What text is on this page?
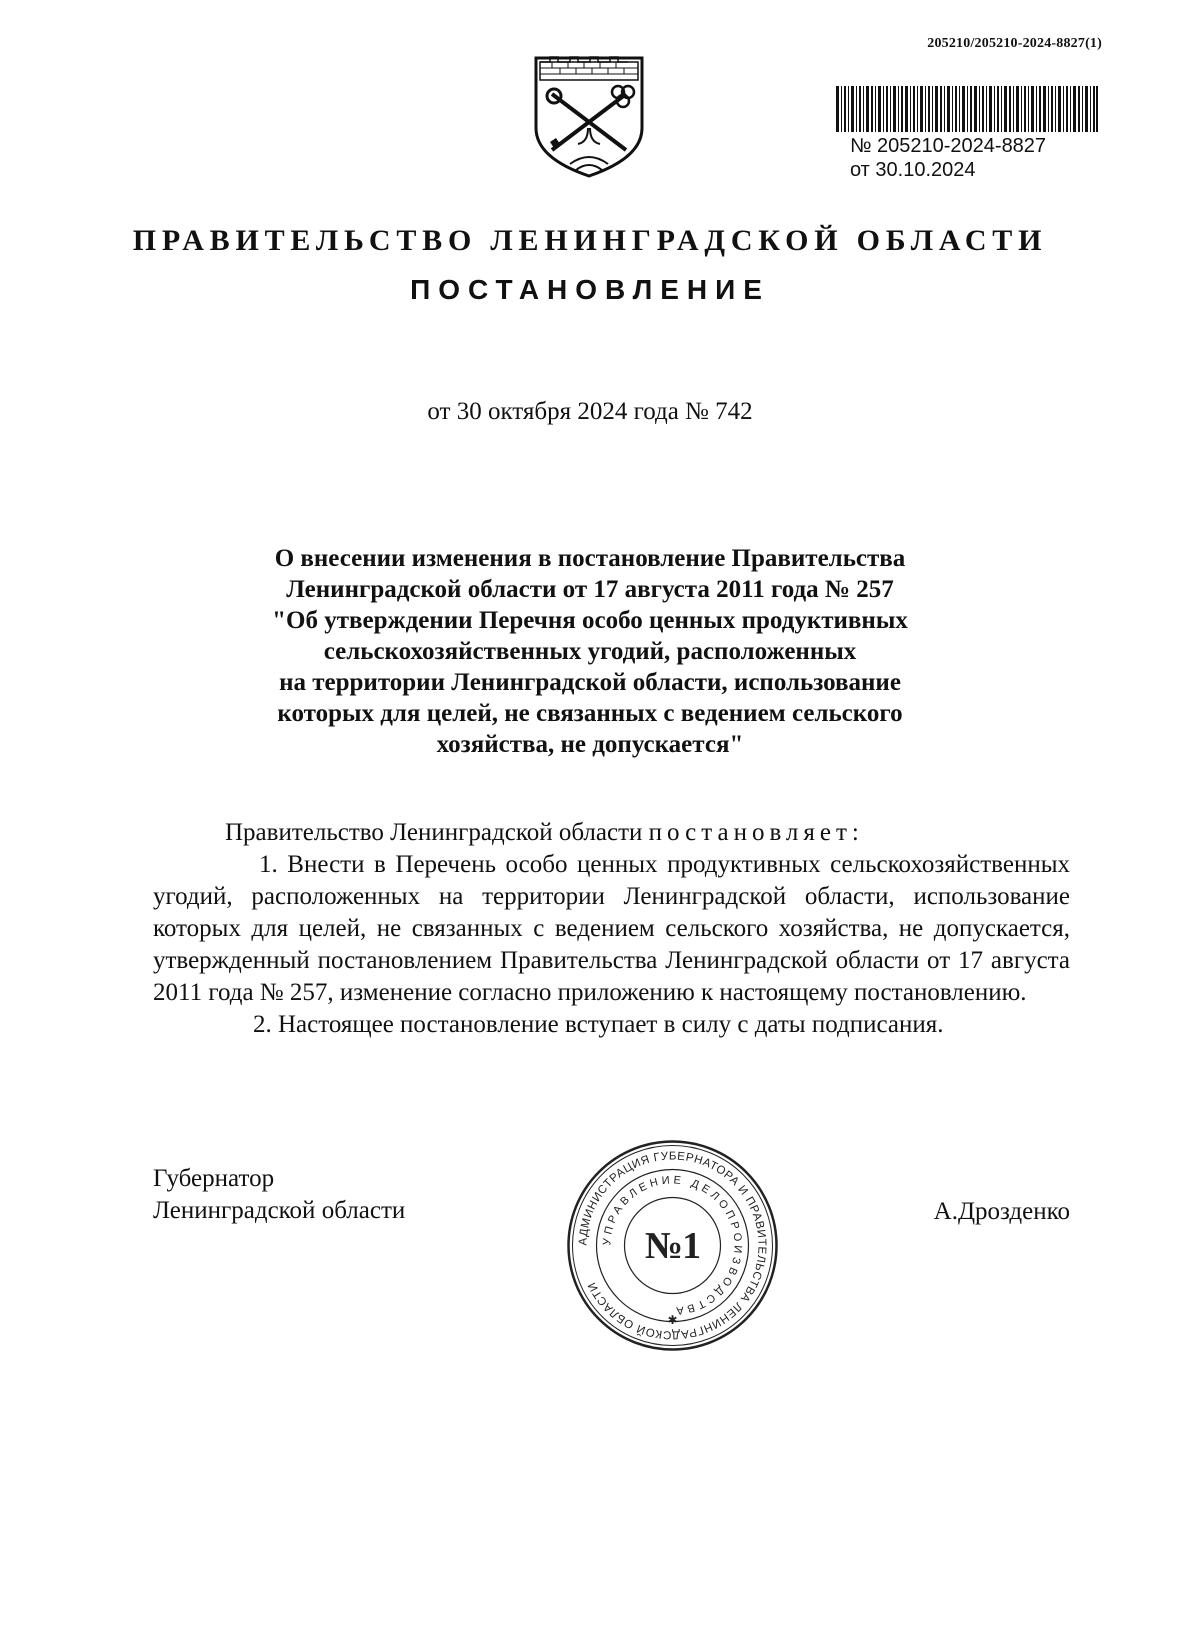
205210/205210-2024-8827(1)
№ 205210-2024-8827
от 30.10.2024
ПРАВИТЕЛЬСТВО ЛЕНИНГРАДСКОЙ ОБЛАСТИ
ПОСТАНОВЛЕНИЕ
от 30 октября 2024 года № 742
О внесении изменения в постановление Правительства
Ленинградской области от 17 августа 2011 года № 257
"Об утверждении Перечня особо ценных продуктивных
сельскохозяйственных угодий, расположенных
на территории Ленинградской области, использование
которых для целей, не связанных с ведением сельского
хозяйства, не допускается"

Правительство Ленинградской области постановляет:

1. Внести в Перечень особо ценных продуктивных сельскохозяйственных угодий, расположенных на территории Ленинградской области, использование которых для целей, не связанных с ведением сельского хозяйства, не допускается, утвержденный постановлением Правительства Ленинградской области от 17 августа 2011 года № 257, изменение согласно приложению к настоящему постановлению.

2. Настоящее постановление вступает в силу с даты подписания.

Губернатор
Ленинградской области	А.Дрозденко
АДМИНИСТРАЦИЯ ГУБЕРНАТОРА И ПРАВИТЕЛЬСТВА ЛЕНИНГРАДСКОЙ ОБЛАСТИ
УПРАВЛЕНИЕ ДЕЛОПРОИЗВОДСТВА
✱
№1
